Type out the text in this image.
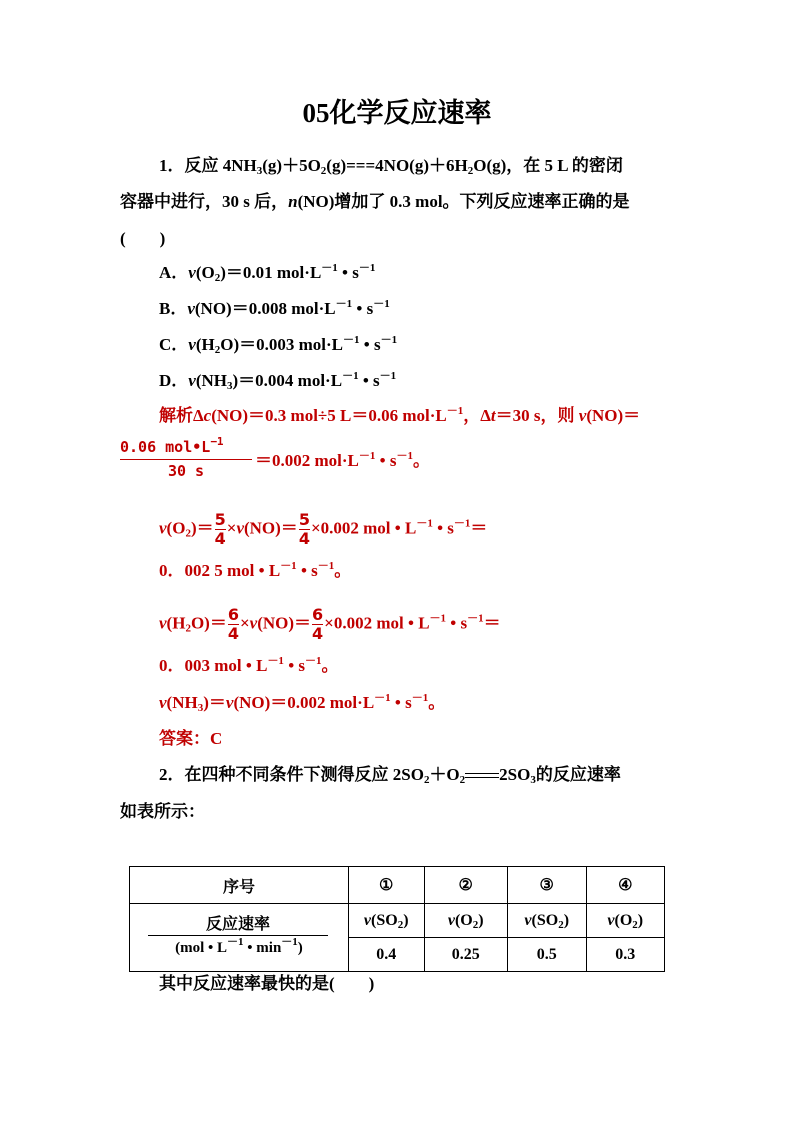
05化学反应速率
1．反应 $4NH_3(g)+5O_2(g)===4NO(g)+6H_2O(g)$，在 5 L 的密闭
容器中进行，30 s 后，n(NO)增加了 0.3 mol。下列反应速率正确的是
(　　)
A．$v(O_2)=0.01$ $mol\cdot L^{-1}$ • $s^{-1}$
B．v(NO)＝0.008 $mol\cdot L^{-1}$ • $s^{-1}$
C．$v(H_2O)=0.003$ $mol\cdot L^{-1}$ • $s^{-1}$
D．$v(NH_3)=0.004$ $mol\cdot L^{-1}$ • $s^{-1}$
解析Δc(NO)＝0.3 mol÷5 L＝0.06 $mol\cdot L^{-1}$，Δt＝30 s，则 v(NO)＝
0.06 $mol•L^{-1}$
30 s
＝0.002 $mol\cdot L^{-1}$ • $s^{-1}$。
$v(O_2)= \frac{5}{4} \times v(NO)= \frac{5}{4} \times 0.002$ mol • $L^{-1}$ • $s^{-1}=$
0．002 5 mol • $L^{-1}$ • $s^{-1}$。
$v(H_2O)= \frac{6}{4} \times v(NO)= \frac{6}{4} \times 0.002$ mol • $L^{-1}$ • $s^{-1}=$
0．003 mol • $L^{-1}$ • $s^{-1}$。
$v(NH_3)=v(NO)=0.002$ $mol\cdot L^{-1}$ • $s^{-1}$。
答案：C
2．在四种不同条件下测得反应 $2SO_2+O_2$ $2SO_3$的反应速率
如表所示：
序号	①	②	③	④

反应速率
(mol • $L^{-1}$ • $\min^{-1}$)	$v(SO_2)$	$v(O_2)$	$v(SO_2)$	$v(O_2)$
	0.4	0.25	0.5	0.3
其中反应速率最快的是(　　)
